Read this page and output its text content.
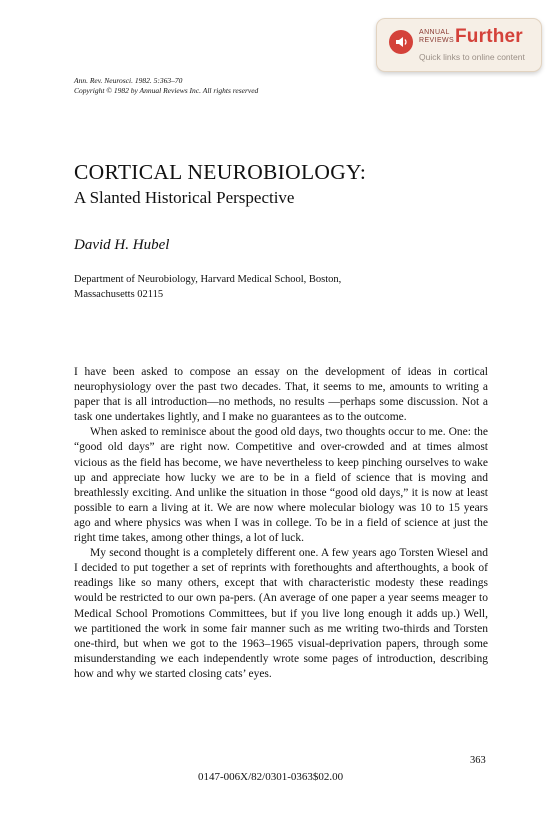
ANNUAL
REVIEWS Further
Quick links to online content
Ann. Rev. Neurosci. 1982. 5:363–70
Copyright © 1982 by Annual Reviews Inc. All rights reserved
CORTICAL NEUROBIOLOGY:
A Slanted Historical Perspective
David H. Hubel
Department of Neurobiology, Harvard Medical School, Boston,
Massachusetts 02115

I have been asked to compose an essay on the development of ideas in cortical neurophysiology over the past two decades. That, it seems to me, amounts to writing a paper that is all introduction—no methods, no results —perhaps some discussion. Not a task one undertakes lightly, and I make no guarantees as to the outcome.

When asked to reminisce about the good old days, two thoughts occur to me. One: the “good old days” are right now. Competitive and over-crowded and at times almost vicious as the field has become, we have nevertheless to keep pinching ourselves to wake up and appreciate how lucky we are to be in a field of science that is moving and breathlessly exciting. And unlike the situation in those “good old days,” it is now at least possible to earn a living at it. We are now where molecular biology was 10 to 15 years ago and where physics was when I was in college. To be in a field of science at just the right time takes, among other things, a lot of luck.

My second thought is a completely different one. A few years ago Torsten Wiesel and I decided to put together a set of reprints with forethoughts and afterthoughts, a book of readings like so many others, except that with characteristic modesty these readings would be restricted to our own pa-pers. (An average of one paper a year seems meager to Medical School Promotions Committees, but if you live long enough it adds up.) Well, we partitioned the work in some fair manner such as me writing two-thirds and Torsten one-third, but when we got to the 1963–1965 visual-deprivation papers, through some misunderstanding we each independently wrote some pages of introduction, describing how and why we started closing cats’ eyes.

363
0147-006X/82/0301-0363$02.00
